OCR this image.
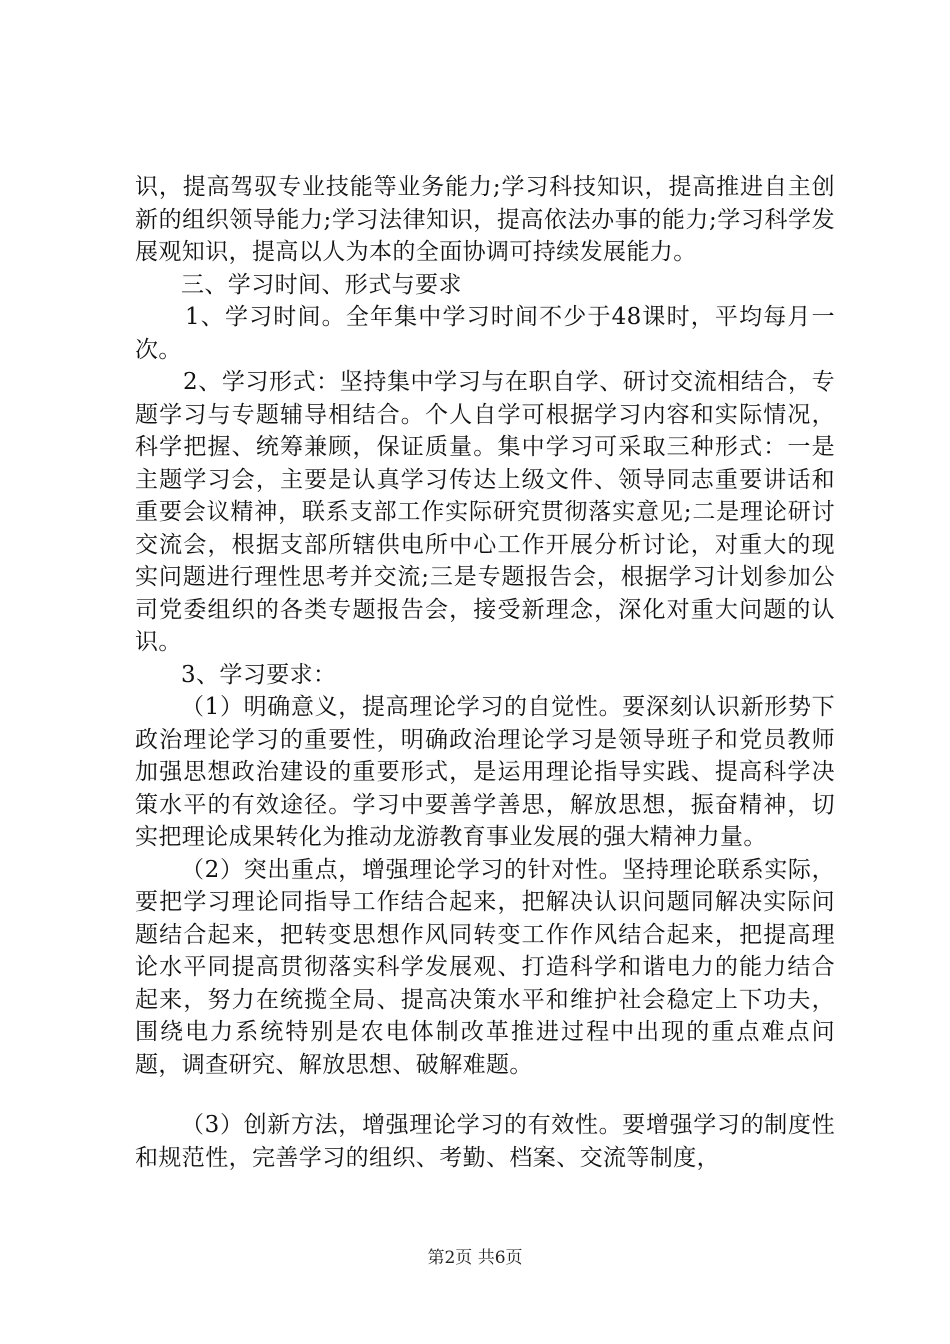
识，提高驾驭专业技能等业务能力;学习科技知识，提高推进自主创新的组织领导能力;学习法律知识，提高依法办事的能力;学习科学发展观知识，提高以人为本的全面协调可持续发展能力。

三、学习时间、形式与要求

1、学习时间。全年集中学习时间不少于48课时，平均每月一次。

2、学习形式：坚持集中学习与在职自学、研讨交流相结合，专题学习与专题辅导相结合。个人自学可根据学习内容和实际情况，科学把握、统筹兼顾，保证质量。集中学习可采取三种形式：一是主题学习会，主要是认真学习传达上级文件、领导同志重要讲话和重要会议精神，联系支部工作实际研究贯彻落实意见;二是理论研讨交流会，根据支部所辖供电所中心工作开展分析讨论，对重大的现实问题进行理性思考并交流;三是专题报告会，根据学习计划参加公司党委组织的各类专题报告会，接受新理念，深化对重大问题的认识。

3、学习要求：

（1）明确意义，提高理论学习的自觉性。要深刻认识新形势下政治理论学习的重要性，明确政治理论学习是领导班子和党员教师加强思想政治建设的重要形式，是运用理论指导实践、提高科学决策水平的有效途径。学习中要善学善思，解放思想，振奋精神，切实把理论成果转化为推动龙游教育事业发展的强大精神力量。

（2）突出重点，增强理论学习的针对性。坚持理论联系实际，要把学习理论同指导工作结合起来，把解决认识问题同解决实际问题结合起来，把转变思想作风同转变工作作风结合起来，把提高理论水平同提高贯彻落实科学发展观、打造科学和谐电力的能力结合起来，努力在统揽全局、提高决策水平和维护社会稳定上下功夫，围绕电力系统特别是农电体制改革推进过程中出现的重点难点问题，调查研究、解放思想、破解难题。

（3）创新方法，增强理论学习的有效性。要增强学习的制度性和规范性，完善学习的组织、考勤、档案、交流等制度，

第2页 共6页
